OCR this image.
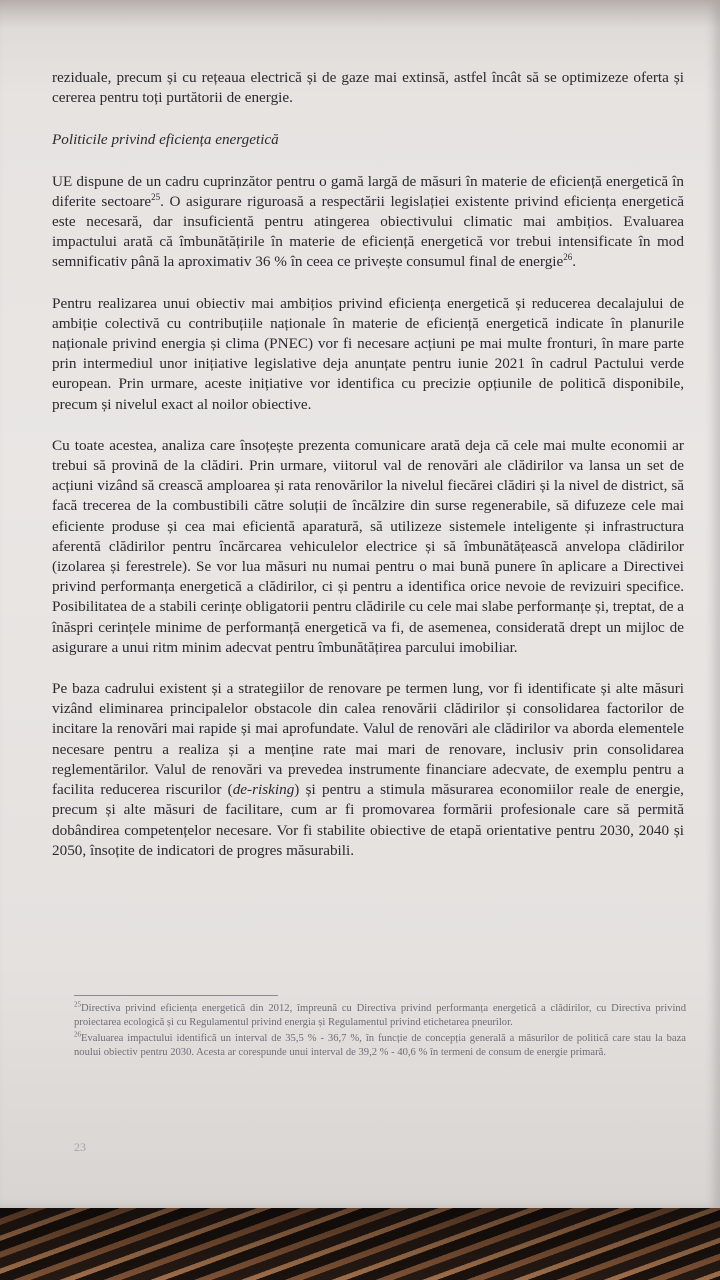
reziduale, precum și cu rețeaua electrică și de gaze mai extinsă, astfel încât să se optimizeze oferta și cererea pentru toți purtătorii de energie.

Politicile privind eficiența energetică

UE dispune de un cadru cuprinzător pentru o gamă largă de măsuri în materie de eficiență energetică în diferite sectoare$^{25}$. O asigurare riguroasă a respectării legislației existente privind eficiența energetică este necesară, dar insuficientă pentru atingerea obiectivului climatic mai ambițios. Evaluarea impactului arată că îmbunătățirile în materie de eficiență energetică vor trebui intensificate în mod semnificativ până la aproximativ 36 % în ceea ce privește consumul final de energie$^{26}$.

Pentru realizarea unui obiectiv mai ambițios privind eficiența energetică și reducerea decalajului de ambiție colectivă cu contribuțiile naționale în materie de eficiență energetică indicate în planurile naționale privind energia și clima (PNEC) vor fi necesare acțiuni pe mai multe fronturi, în mare parte prin intermediul unor inițiative legislative deja anunțate pentru iunie 2021 în cadrul Pactului verde european. Prin urmare, aceste inițiative vor identifica cu precizie opțiunile de politică disponibile, precum și nivelul exact al noilor obiective.

Cu toate acestea, analiza care însoțește prezenta comunicare arată deja că cele mai multe economii ar trebui să provină de la clădiri. Prin urmare, viitorul val de renovări ale clădirilor va lansa un set de acțiuni vizând să crească amploarea și rata renovărilor la nivelul fiecărei clădiri și la nivel de district, să facă trecerea de la combustibili către soluții de încălzire din surse regenerabile, să difuzeze cele mai eficiente produse și cea mai eficientă aparatură, să utilizeze sistemele inteligente și infrastructura aferentă clădirilor pentru încărcarea vehiculelor electrice și să îmbunătățească anvelopa clădirilor (izolarea și ferestrele). Se vor lua măsuri nu numai pentru o mai bună punere în aplicare a Directivei privind performanța energetică a clădirilor, ci și pentru a identifica orice nevoie de revizuiri specifice. Posibilitatea de a stabili cerințe obligatorii pentru clădirile cu cele mai slabe performanțe și, treptat, de a înăspri cerințele minime de performanță energetică va fi, de asemenea, considerată drept un mijloc de asigurare a unui ritm minim adecvat pentru îmbunătățirea parcului imobiliar.

Pe baza cadrului existent și a strategiilor de renovare pe termen lung, vor fi identificate și alte măsuri vizând eliminarea principalelor obstacole din calea renovării clădirilor și consolidarea factorilor de incitare la renovări mai rapide și mai aprofundate. Valul de renovări ale clădirilor va aborda elementele necesare pentru a realiza și a menține rate mai mari de renovare, inclusiv prin consolidarea reglementărilor. Valul de renovări va prevedea instrumente financiare adecvate, de exemplu pentru a facilita reducerea riscurilor (de-risking) și pentru a stimula măsurarea economiilor reale de energie, precum și alte măsuri de facilitare, cum ar fi promovarea formării profesionale care să permită dobândirea competențelor necesare. Vor fi stabilite obiective de etapă orientative pentru 2030, 2040 și 2050, însoțite de indicatori de progres măsurabili.

$^{25}$Directiva privind eficiența energetică din 2012, împreună cu Directiva privind performanța energetică a clădirilor, cu Directiva privind proiectarea ecologică și cu Regulamentul privind energia și Regulamentul privind etichetarea pneurilor.

$^{26}$Evaluarea impactului identifică un interval de 35,5 % - 36,7 %, în funcție de concepția generală a măsurilor de politică care stau la baza noului obiectiv pentru 2030. Acesta ar corespunde unui interval de 39,2 % - 40,6 % în termeni de consum de energie primară.

23
